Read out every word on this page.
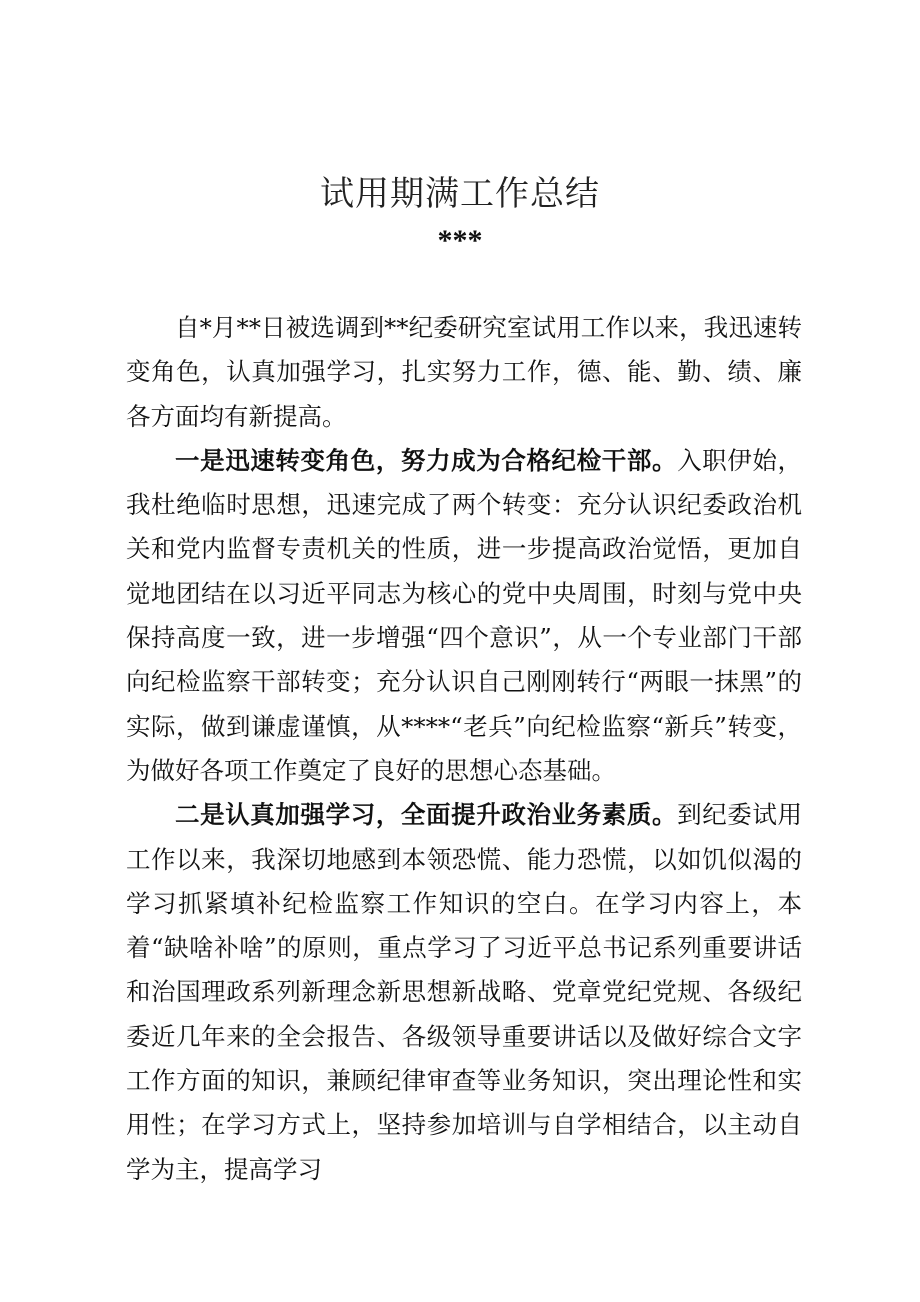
试用期满工作总结
***

自*月**日被选调到**纪委研究室试用工作以来，我迅速转变角色，认真加强学习，扎实努力工作，德、能、勤、绩、廉各方面均有新提高。

一是迅速转变角色，努力成为合格纪检干部。入职伊始，我杜绝临时思想，迅速完成了两个转变：充分认识纪委政治机关和党内监督专责机关的性质，进一步提高政治觉悟，更加自觉地团结在以习近平同志为核心的党中央周围，时刻与党中央保持高度一致，进一步增强“四个意识”，从一个专业部门干部向纪检监察干部转变；充分认识自己刚刚转行“两眼一抹黑”的实际，做到谦虚谨慎，从****“老兵”向纪检监察“新兵”转变，为做好各项工作奠定了良好的思想心态基础。

二是认真加强学习，全面提升政治业务素质。到纪委试用工作以来，我深切地感到本领恐慌、能力恐慌，以如饥似渴的学习抓紧填补纪检监察工作知识的空白。在学习内容上，本着“缺啥补啥”的原则，重点学习了习近平总书记系列重要讲话和治国理政系列新理念新思想新战略、党章党纪党规、各级纪委近几年来的全会报告、各级领导重要讲话以及做好综合文字工作方面的知识，兼顾纪律审查等业务知识，突出理论性和实用性；在学习方式上，坚持参加培训与自学相结合，以主动自学为主，提高学习
